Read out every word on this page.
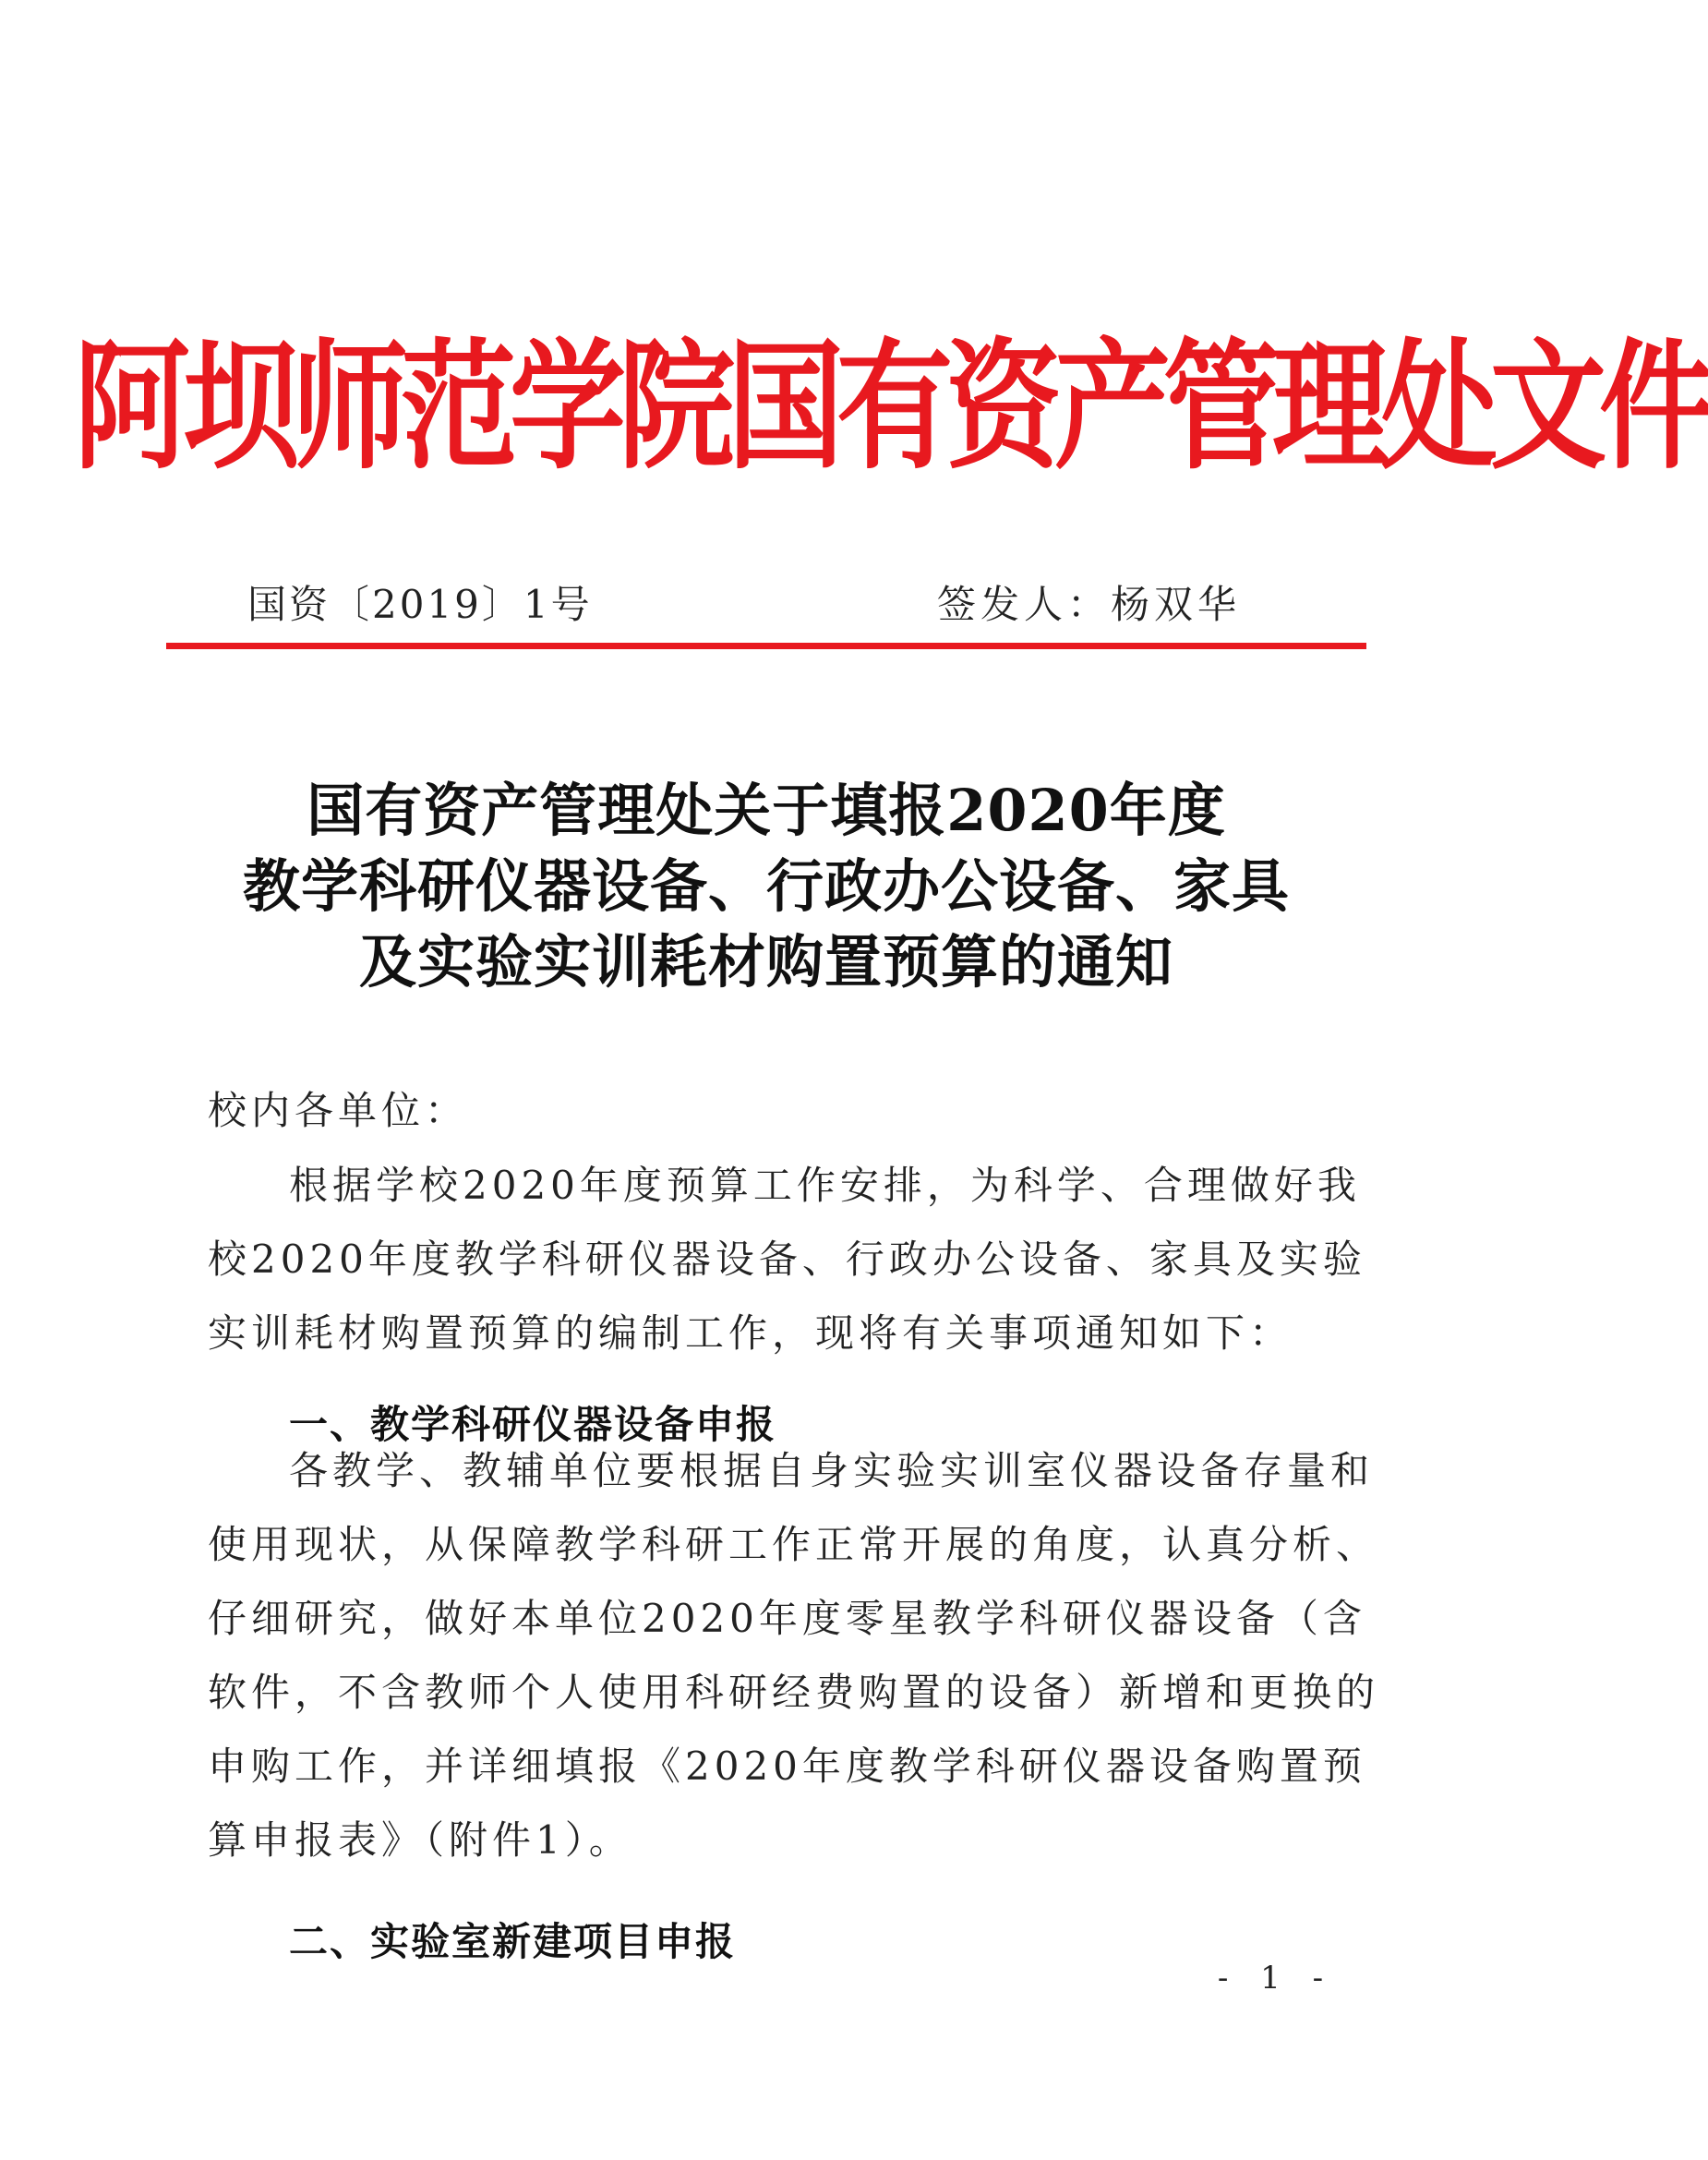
阿坝师范学院国有资产管理处文件
国资〔2019〕1号	签发人：杨双华
国有资产管理处关于填报2020年度
教学科研仪器设备、行政办公设备、家具
及实验实训耗材购置预算的通知
校内各单位：
根据学校2020年度预算工作安排，为科学、合理做好我
校2020年度教学科研仪器设备、行政办公设备、家具及实验
实训耗材购置预算的编制工作，现将有关事项通知如下：
一、教学科研仪器设备申报
各教学、教辅单位要根据自身实验实训室仪器设备存量和
使用现状，从保障教学科研工作正常开展的角度，认真分析、
仔细研究，做好本单位2020年度零星教学科研仪器设备（含
软件，不含教师个人使用科研经费购置的设备）新增和更换的
申购工作，并详细填报《2020年度教学科研仪器设备购置预
算申报表》（附件1）。
二、实验室新建项目申报
- 1 -
